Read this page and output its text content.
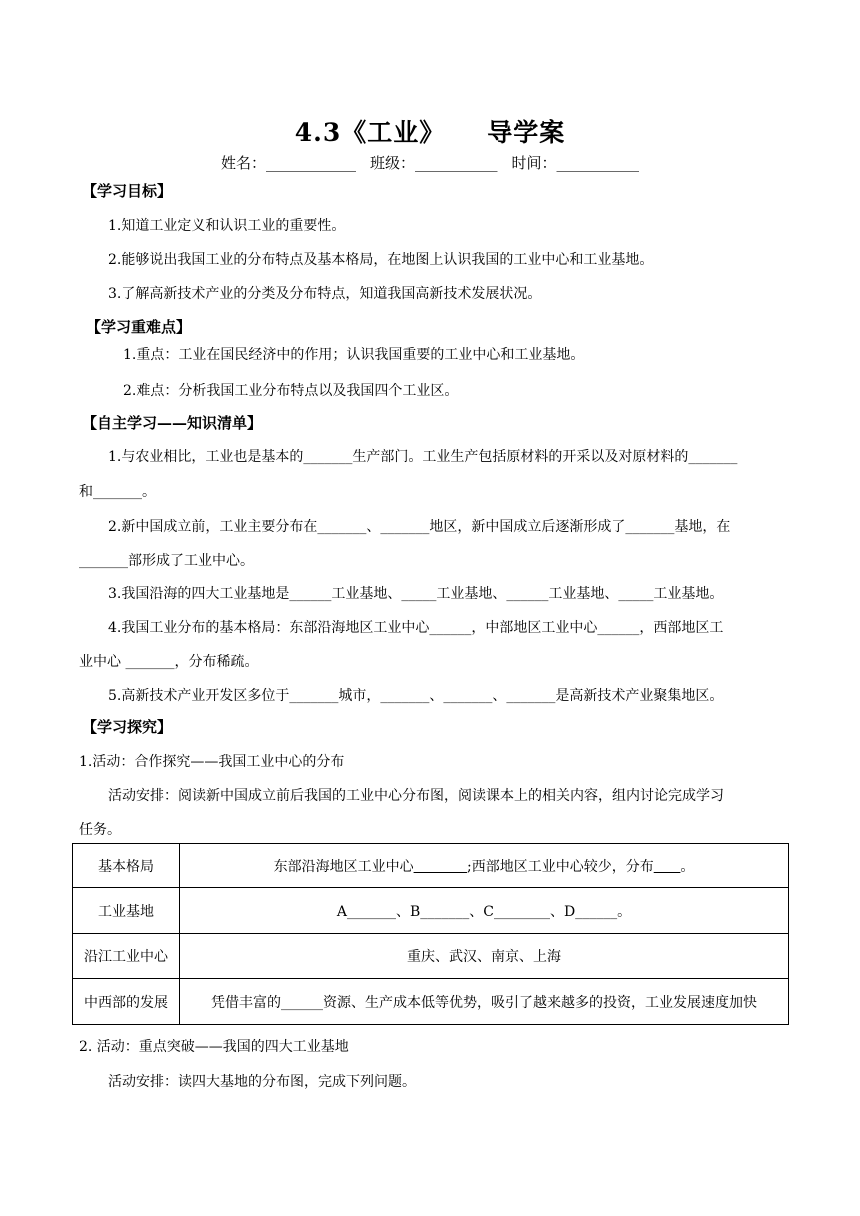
4.3《工业》 导学案
姓名：____________ 班级：___________ 时间：___________
【学习目标】
1.知道工业定义和认识工业的重要性。
2.能够说出我国工业的分布特点及基本格局，在地图上认识我国的工业中心和工业基地。
3.了解高新技术产业的分类及分布特点，知道我国高新技术发展状况。
【学习重难点】
1.重点：工业在国民经济中的作用；认识我国重要的工业中心和工业基地。
2.难点：分析我国工业分布特点以及我国四个工业区。
【自主学习——知识清单】
1.与农业相比，工业也是基本的_______生产部门。工业生产包括原材料的开采以及对原材料的_______
和_______。
2.新中国成立前，工业主要分布在_______、_______地区，新中国成立后逐渐形成了_______基地，在
_______部形成了工业中心。
3.我国沿海的四大工业基地是______工业基地、_____工业基地、______工业基地、_____工业基地。
4.我国工业分布的基本格局：东部沿海地区工业中心______，中部地区工业中心______，西部地区工
业中心 _______，分布稀疏。
5.高新技术产业开发区多位于_______城市，_______、_______、_______是高新技术产业聚集地区。
【学习探究】
1.活动：合作探究——我国工业中心的分布
活动安排：阅读新中国成立前后我国的工业中心分布图，阅读课本上的相关内容，组内讨论完成学习
任务。
基本格局	东部沿海地区工业中心 ;西部地区工业中心较少，分布 。
工业基地	A_______、B_______、C________、D______。
沿江工业中心	重庆、武汉、南京、上海
中西部的发展	凭借丰富的______资源、生产成本低等优势，吸引了越来越多的投资，工业发展速度加快
2. 活动：重点突破——我国的四大工业基地
活动安排：读四大基地的分布图，完成下列问题。
